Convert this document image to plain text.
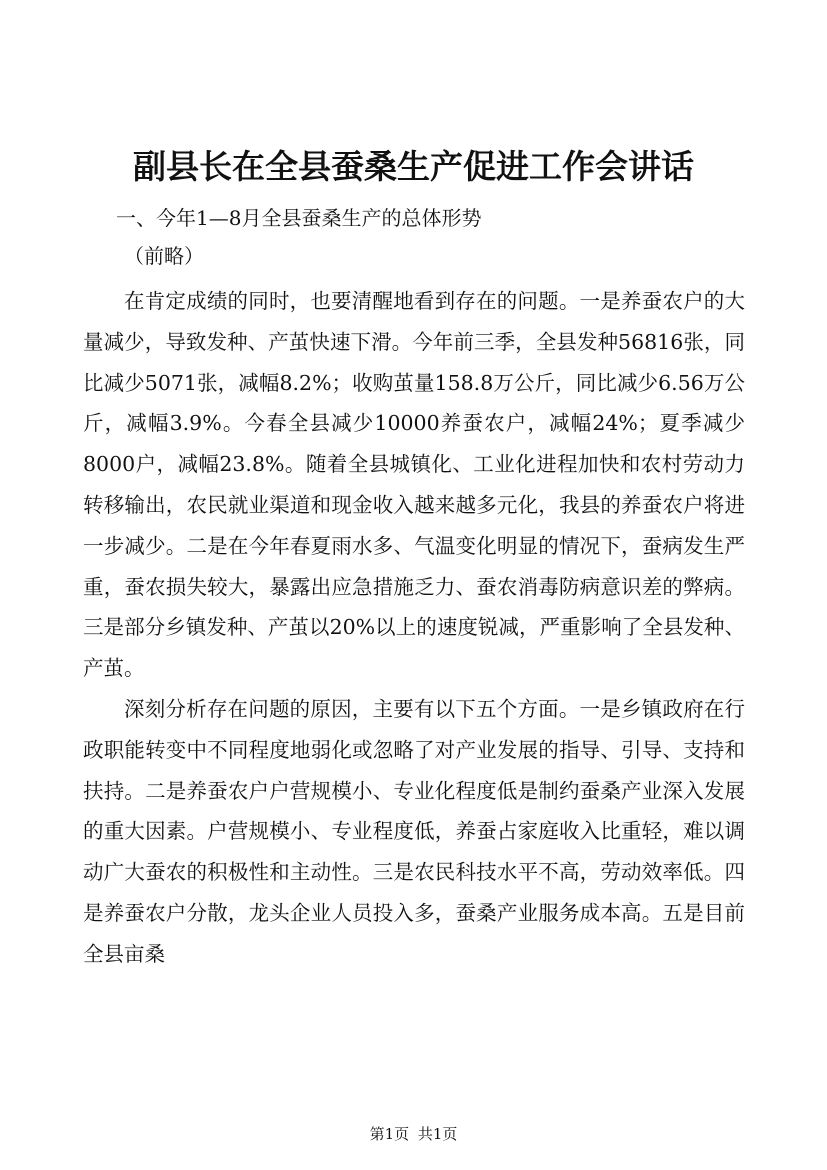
副县长在全县蚕桑生产促进工作会讲话
一、今年1—8月全县蚕桑生产的总体形势
（前略）

在肯定成绩的同时，也要清醒地看到存在的问题。一是养蚕农户的大量减少，导致发种、产茧快速下滑。今年前三季，全县发种56816张，同比减少5071张，减幅8.2%；收购茧量158.8万公斤，同比减少6.56万公斤，减幅3.9%。今春全县减少10000养蚕农户，减幅24%；夏季减少8000户，减幅23.8%。随着全县城镇化、工业化进程加快和农村劳动力转移输出，农民就业渠道和现金收入越来越多元化，我县的养蚕农户将进一步减少。二是在今年春夏雨水多、气温变化明显的情况下，蚕病发生严重，蚕农损失较大，暴露出应急措施乏力、蚕农消毒防病意识差的弊病。三是部分乡镇发种、产茧以20%以上的速度锐减，严重影响了全县发种、产茧。

深刻分析存在问题的原因，主要有以下五个方面。一是乡镇政府在行政职能转变中不同程度地弱化或忽略了对产业发展的指导、引导、支持和扶持。二是养蚕农户户营规模小、专业化程度低是制约蚕桑产业深入发展的重大因素。户营规模小、专业程度低，养蚕占家庭收入比重轻，难以调动广大蚕农的积极性和主动性。三是农民科技水平不高，劳动效率低。四是养蚕农户分散，龙头企业人员投入多，蚕桑产业服务成本高。五是目前全县亩桑

第1页 共1页
